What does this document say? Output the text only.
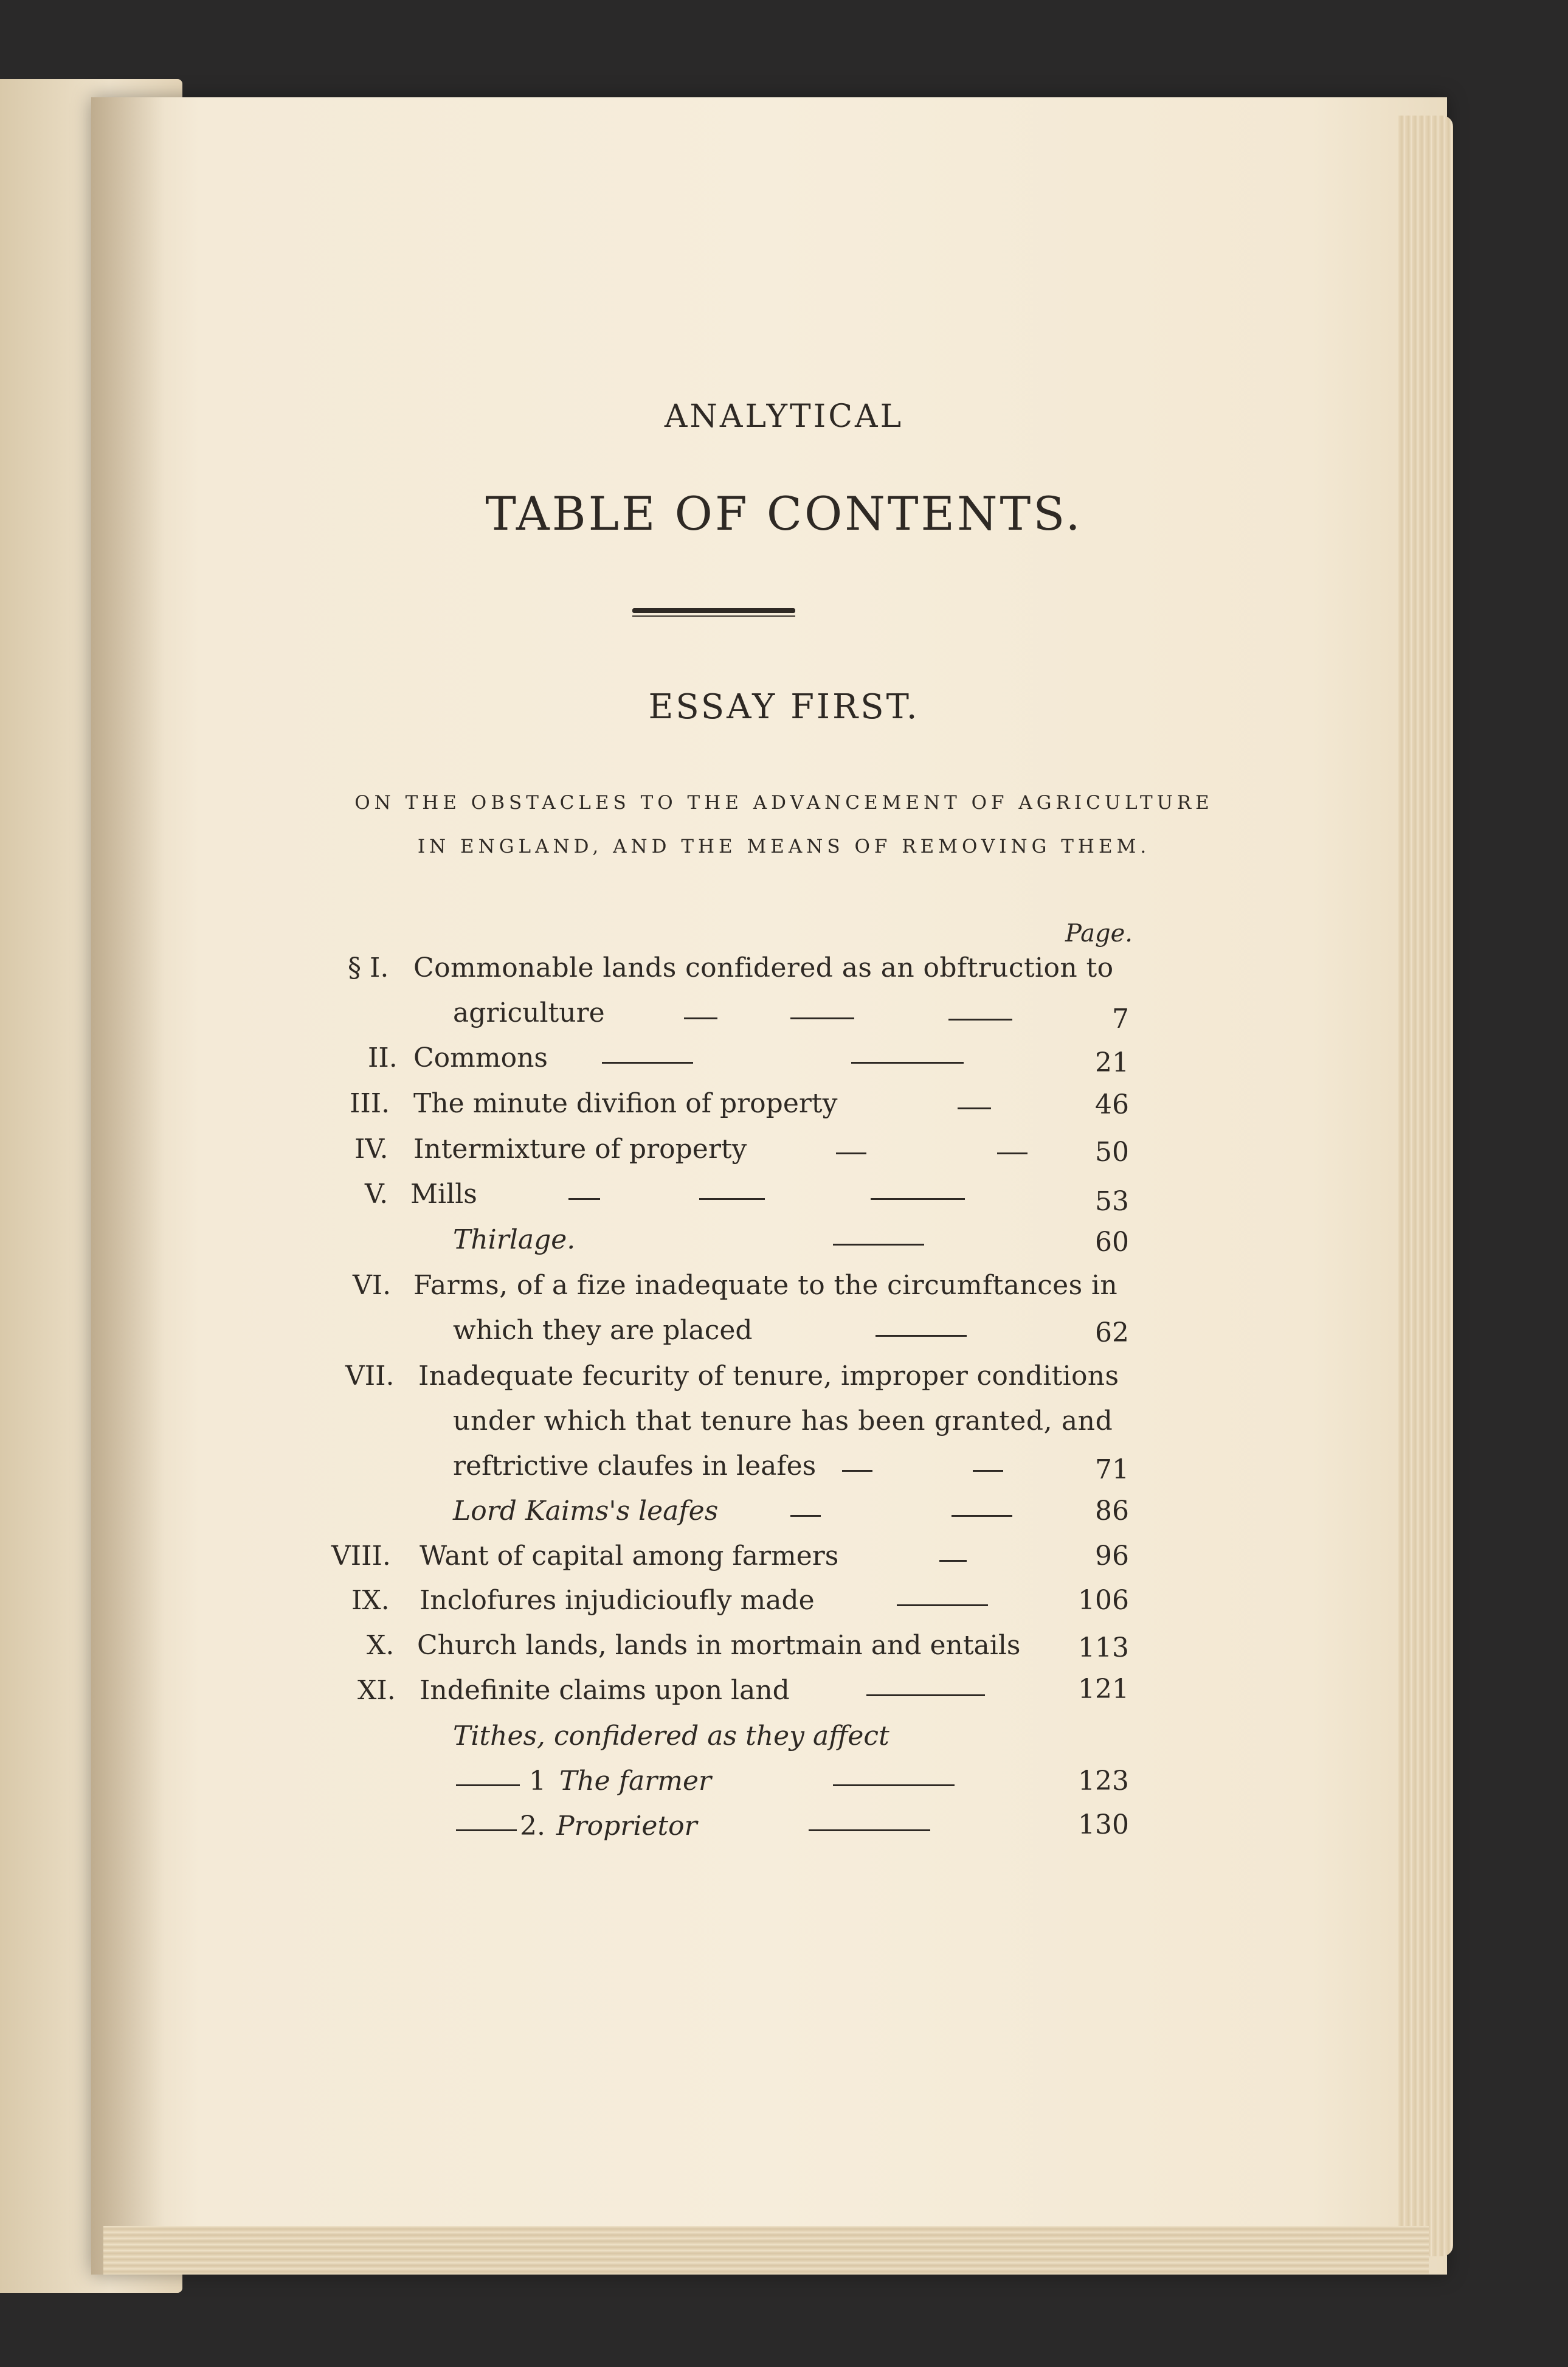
ANALYTICAL
TABLE OF CONTENTS.
ESSAY FIRST.
ON THE OBSTACLES TO THE ADVANCEMENT OF AGRICULTURE
IN ENGLAND, AND THE MEANS OF REMOVING THEM.
Page.
§ I. Commonable lands confidered as an obftruction to
agriculture	7
II. Commons	21
III. The minute divifion of property	46
IV. Intermixture of property	50
V. Mills	53
Thirlage.	60
VI. Farms, of a fize inadequate to the circumftances in
which they are placed	62
VII. Inadequate fecurity of tenure, improper conditions
under which that tenure has been granted, and
reftrictive claufes in leafes	71
Lord Kaims's leafes	86
VIII. Want of capital among farmers	96
IX. Inclofures injudicioufly made	106
X. Church lands, lands in mortmain and entails 113
XI. Indefinite claims upon land	121
Tithes, confidered as they affect
1 The farmer	123
2. Proprietor	130
